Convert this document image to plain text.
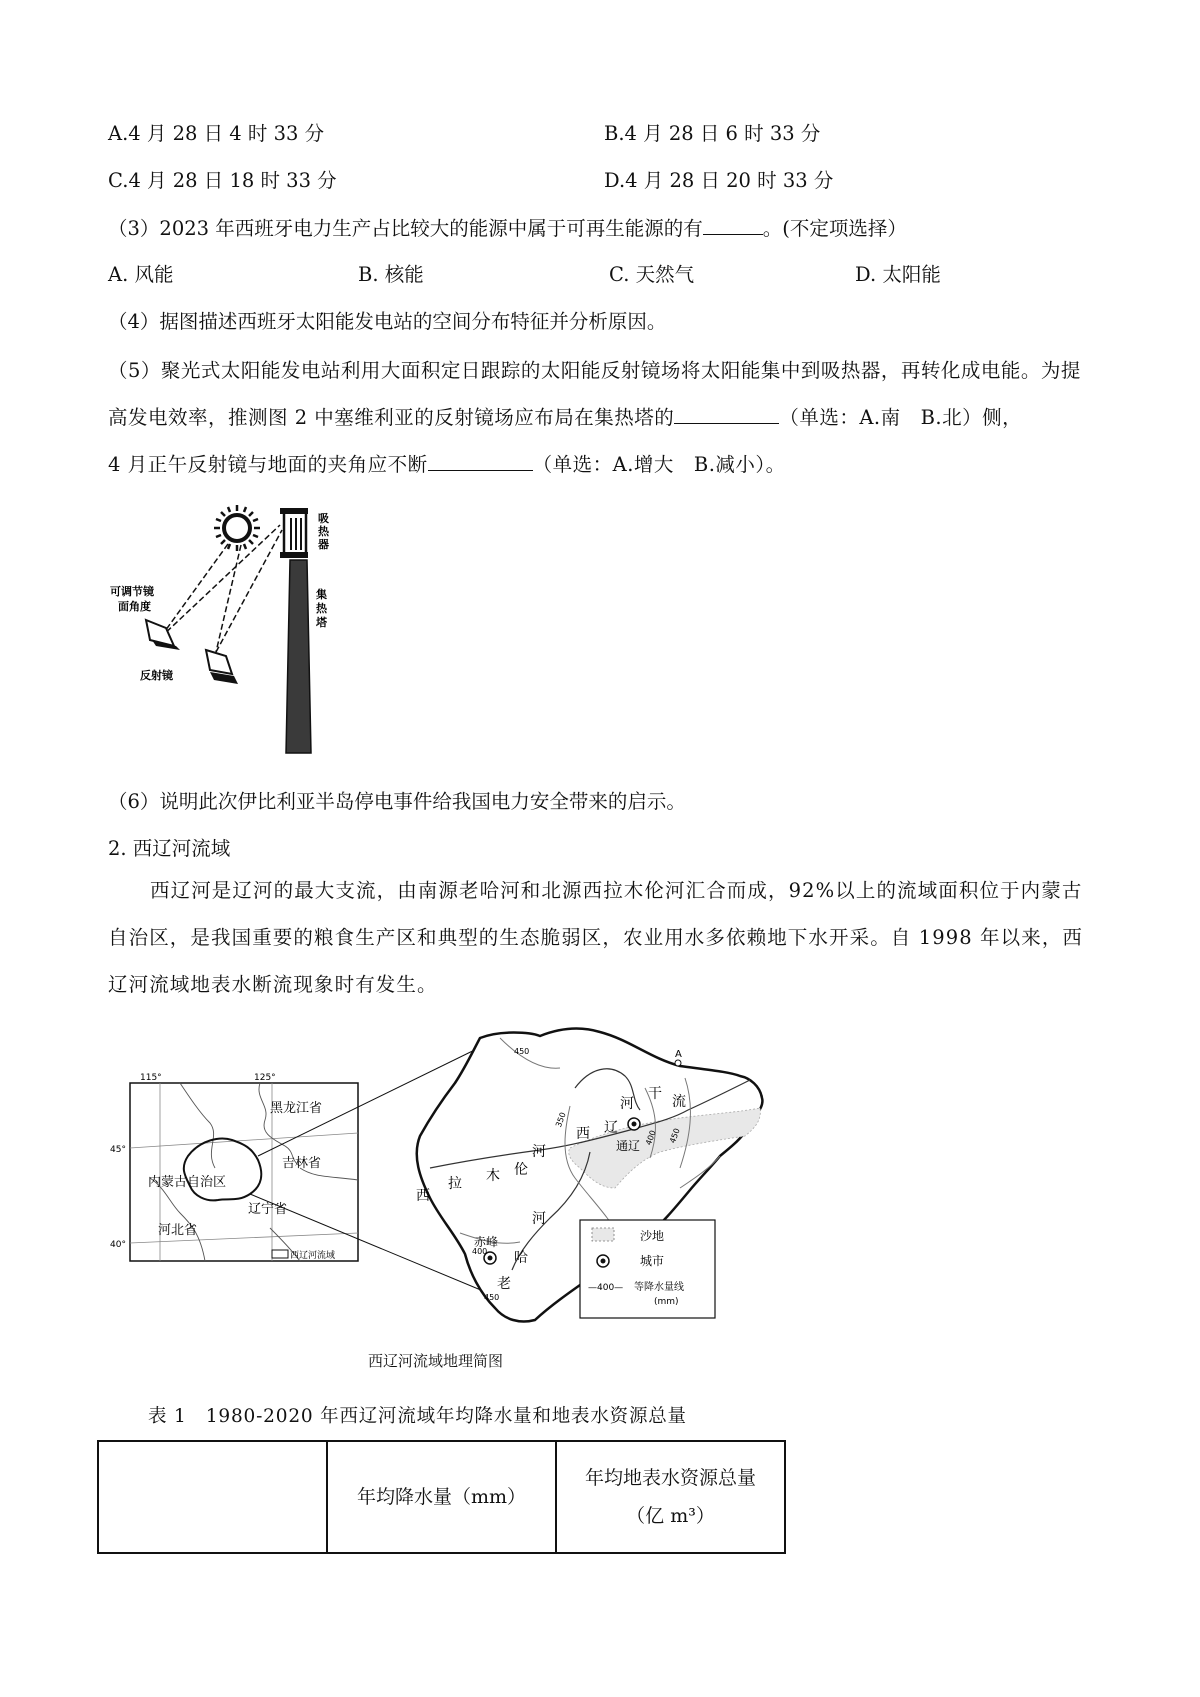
A.4 月 28 日 4 时 33 分	B.4 月 28 日 6 时 33 分
C.4 月 28 日 18 时 33 分	D.4 月 28 日 20 时 33 分
（3）2023 年西班牙电力生产占比较大的能源中属于可再生能源的有	。(不定项选择）
A. 风能	B. 核能	C. 天然气	D. 太阳能
（4）据图描述西班牙太阳能发电站的空间分布特征并分析原因。
（5）聚光式太阳能发电站利用大面积定日跟踪的太阳能反射镜场将太阳能集中到吸热器，再转化成电能。为提高发电效率，推测图 2 中塞维利亚的反射镜场应布局在集热塔的	（单选：A.南　B.北）侧，
4 月正午反射镜与地面的夹角应不断	（单选：A.增大　B.减小）。
吸
热
器
集
热
塔
可调节镜
面角度
反射镜
（6）说明此次伊比利亚半岛停电事件给我国电力安全带来的启示。
2. 西辽河流域
西辽河是辽河的最大支流，由南源老哈河和北源西拉木伦河汇合而成，92%以上的流域面积位于内蒙古自治区，是我国重要的粮食生产区和典型的生态脆弱区，农业用水多依赖地下水开采。自 1998 年以来，西辽河流域地表水断流现象时有发生。
115°	125°
45°
40°
黑龙江省
吉林省
内蒙古自治区
辽宁省
河北省
西辽河流域
A
通辽
赤峰
西
拉 木 伦
河
河
哈
老
西 辽
河
干 流
450
350
400 450
400
450
沙地
城市
—400— 等降水量线
(mm)
西辽河流域地理简图
表 1　1980-2020 年西辽河流域年均降水量和地表水资源总量
	年均降水量（mm）	
年均地表水资源总量
（亿 m³）
